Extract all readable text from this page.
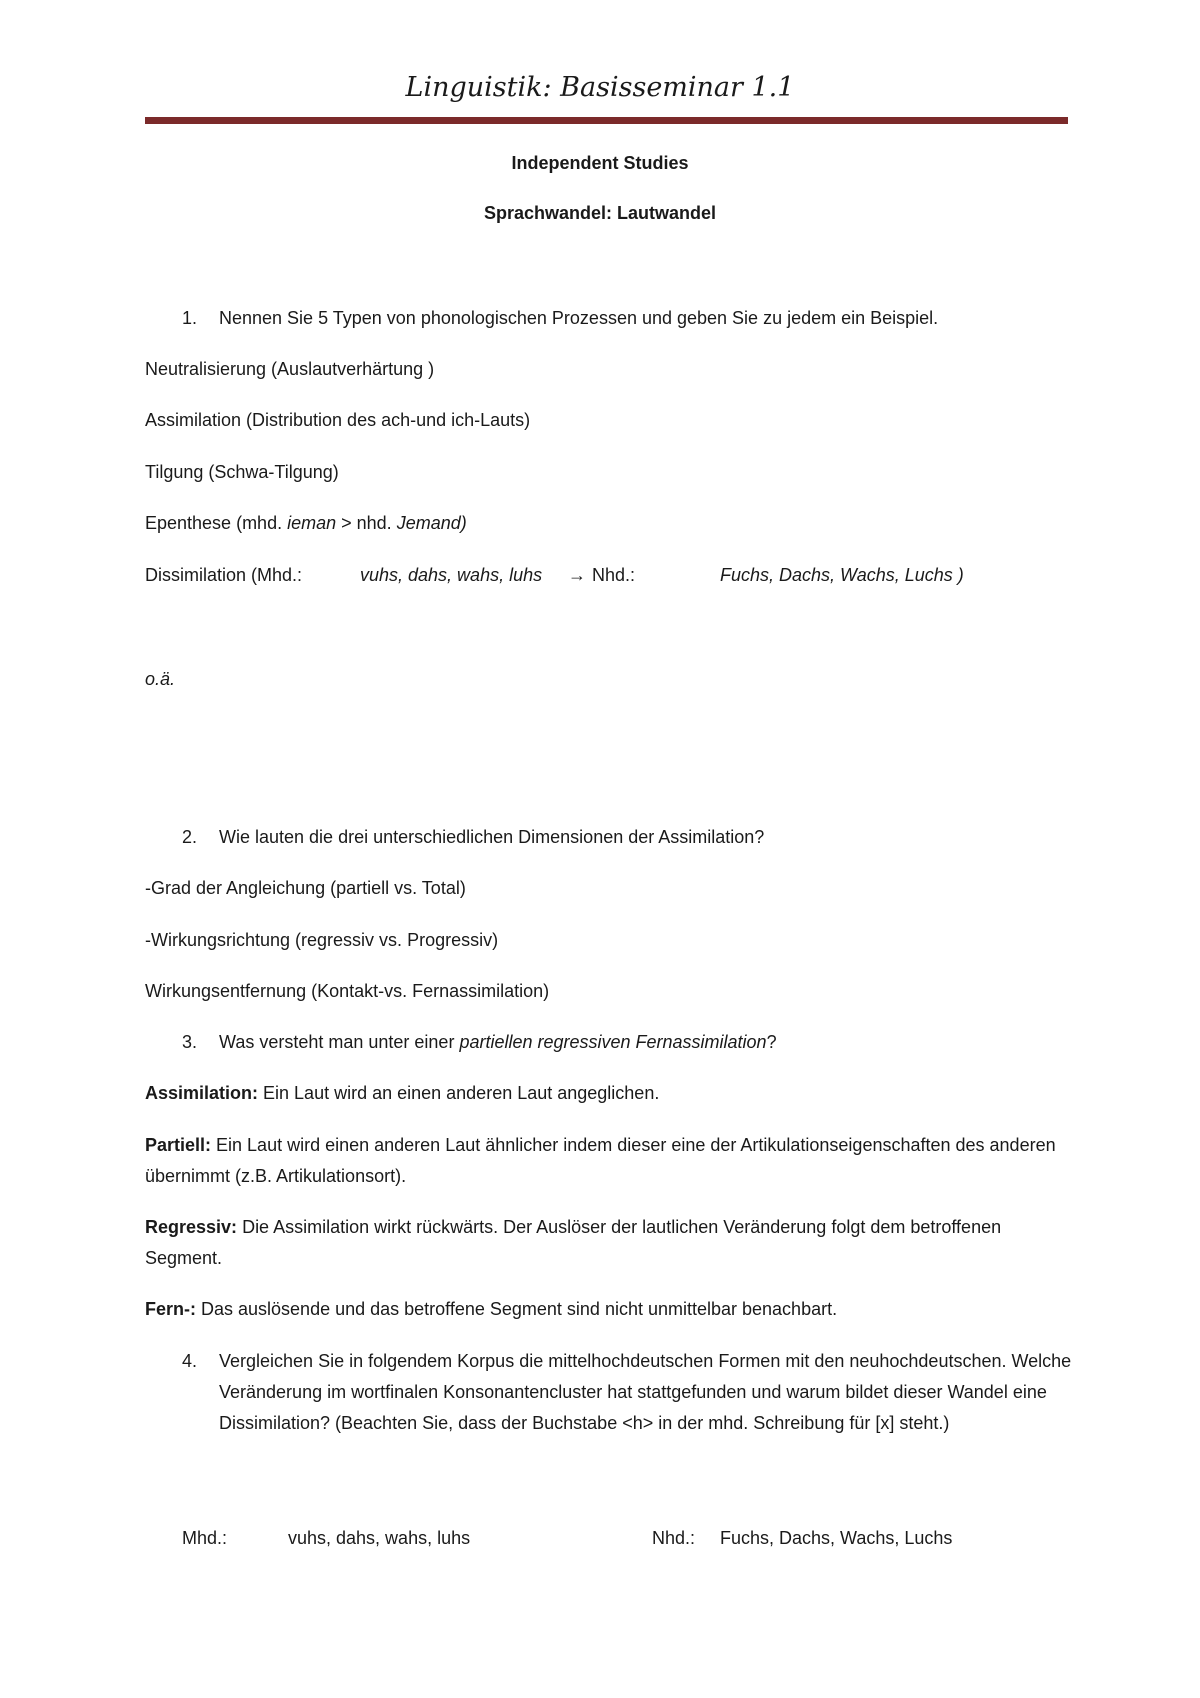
Linguistik: Basisseminar 1.1

Independent Studies

Sprachwandel: Lautwandel

1. Nennen Sie 5 Typen von phonologischen Prozessen und geben Sie zu jedem ein Beispiel.

Neutralisierung (Auslautverhärtung )

Assimilation (Distribution des ach-und ich-Lauts)

Tilgung (Schwa-Tilgung)

Epenthese (mhd. ieman > nhd. Jemand)

Dissimilation (Mhd.:	vuhs, dahs, wahs, luhs → Nhd.:	Fuchs, Dachs, Wachs, Luchs )

o.ä.

2. Wie lauten die drei unterschiedlichen Dimensionen der Assimilation?

-Grad der Angleichung (partiell vs. Total)

-Wirkungsrichtung (regressiv vs. Progressiv)

Wirkungsentfernung (Kontakt-vs. Fernassimilation)

3. Was versteht man unter einer partiellen regressiven Fernassimilation?

Assimilation: Ein Laut wird an einen anderen Laut angeglichen.

Partiell: Ein Laut wird einen anderen Laut ähnlicher indem dieser eine der Artikulationseigenschaften des anderen übernimmt (z.B. Artikulationsort).

Regressiv: Die Assimilation wirkt rückwärts. Der Auslöser der lautlichen Veränderung folgt dem betroffenen Segment.

Fern-: Das auslösende und das betroffene Segment sind nicht unmittelbar benachbart.

4. Vergleichen Sie in folgendem Korpus die mittelhochdeutschen Formen mit den neuhochdeutschen. Welche Veränderung im wortfinalen Konsonantencluster hat stattgefunden und warum bildet dieser Wandel eine Dissimilation? (Beachten Sie, dass der Buchstabe <h> in der mhd. Schreibung für [x] steht.)

Mhd.:	vuhs, dahs, wahs, luhs	Nhd.: Fuchs, Dachs, Wachs, Luchs
